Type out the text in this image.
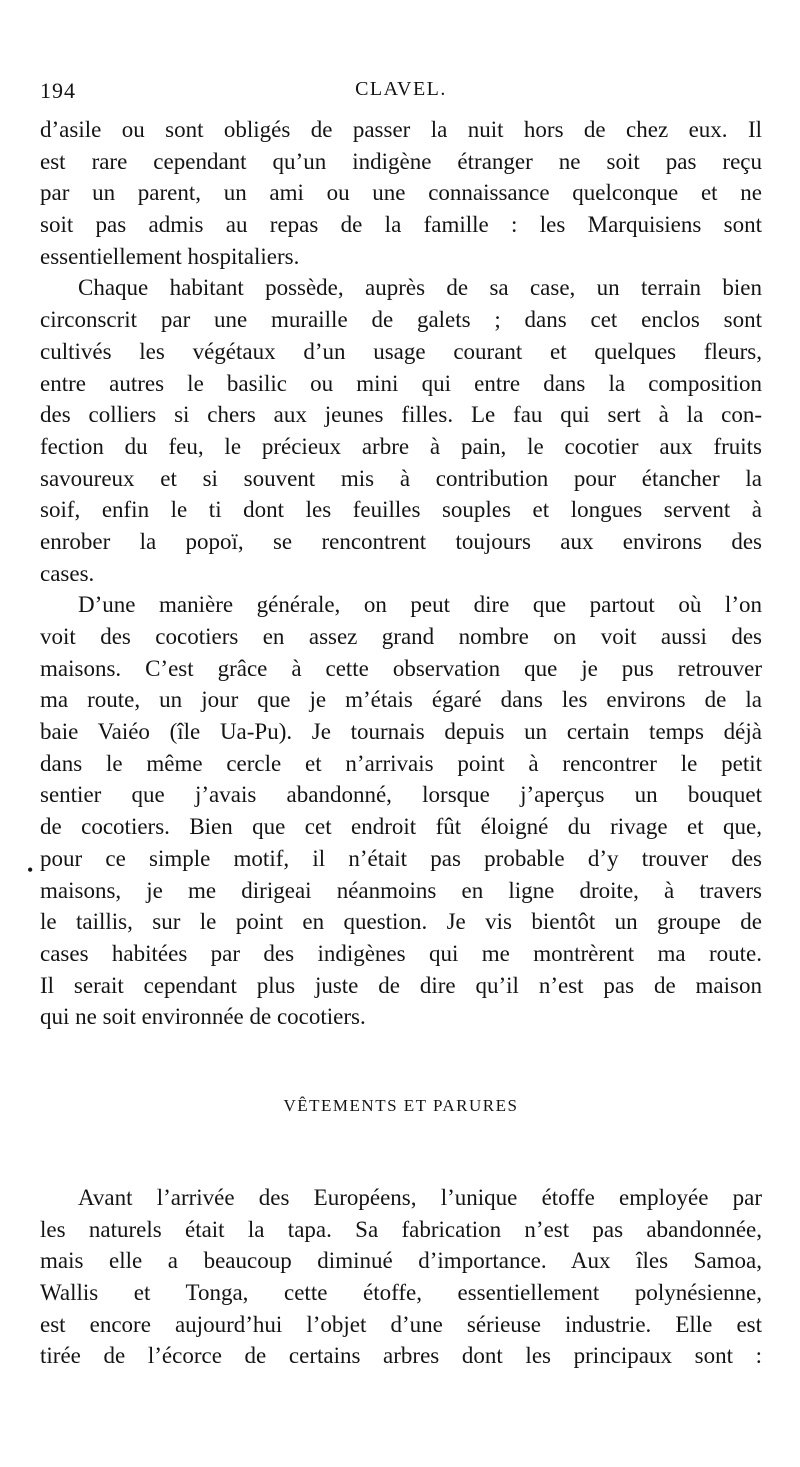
194	CLAVEL.
•
d’asile ou sont obligés de passer la nuit hors de chez eux. Il
est rare cependant qu’un indigène étranger ne soit pas reçu
par un parent, un ami ou une connaissance quelconque et ne
soit pas admis au repas de la famille : les Marquisiens sont
essentiellement hospitaliers.
Chaque habitant possède, auprès de sa case, un terrain bien
circonscrit par une muraille de galets ; dans cet enclos sont
cultivés les végétaux d’un usage courant et quelques fleurs,
entre autres le basilic ou mini qui entre dans la composition
des colliers si chers aux jeunes filles. Le fau qui sert à la con-
fection du feu, le précieux arbre à pain, le cocotier aux fruits
savoureux et si souvent mis à contribution pour étancher la
soif, enfin le ti dont les feuilles souples et longues servent à
enrober la popoï, se rencontrent toujours aux environs des
cases.
D’une manière générale, on peut dire que partout où l’on
voit des cocotiers en assez grand nombre on voit aussi des
maisons. C’est grâce à cette observation que je pus retrouver
ma route, un jour que je m’étais égaré dans les environs de la
baie Vaiéo (île Ua-Pu). Je tournais depuis un certain temps déjà
dans le même cercle et n’arrivais point à rencontrer le petit
sentier que j’avais abandonné, lorsque j’aperçus un bouquet
de cocotiers. Bien que cet endroit fût éloigné du rivage et que,
pour ce simple motif, il n’était pas probable d’y trouver des
maisons, je me dirigeai néanmoins en ligne droite, à travers
le taillis, sur le point en question. Je vis bientôt un groupe de
cases habitées par des indigènes qui me montrèrent ma route.
Il serait cependant plus juste de dire qu’il n’est pas de maison
qui ne soit environnée de cocotiers.
VÊTEMENTS ET PARURES
Avant l’arrivée des Européens, l’unique étoffe employée par
les naturels était la tapa. Sa fabrication n’est pas abandonnée,
mais elle a beaucoup diminué d’importance. Aux îles Samoa,
Wallis et Tonga, cette étoffe, essentiellement polynésienne,
est encore aujourd’hui l’objet d’une sérieuse industrie. Elle est
tirée de l’écorce de certains arbres dont les principaux sont :
